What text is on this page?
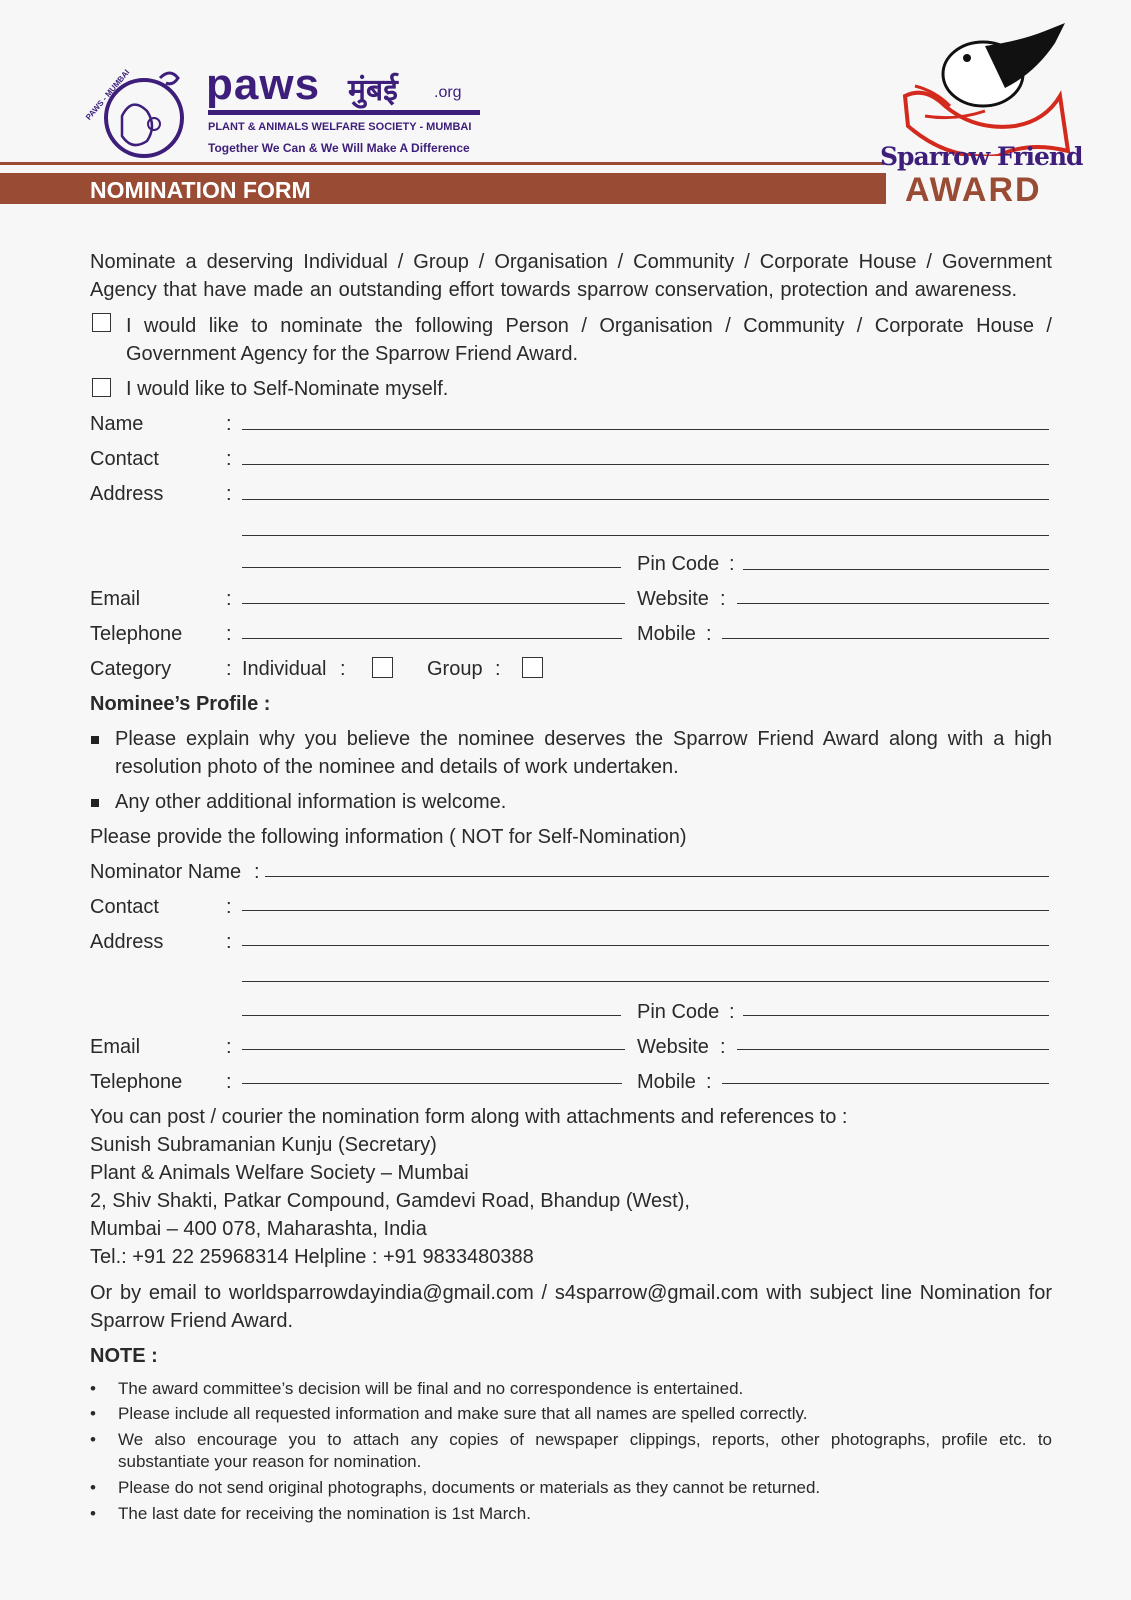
PAWS - MUMBAI paws मुंबई .org
PLANT & ANIMALS WELFARE SOCIETY - MUMBAI
Together We Can & We Will Make A Difference
NOMINATION FORM
Sparrow Friend
AWARD
Nominate a deserving Individual / Group / Organisation / Community / Corporate House / Government
Agency that have made an outstanding effort towards sparrow conservation, protection and awareness.
I would like to nominate the following Person / Organisation / Community / Corporate House /
Government Agency for the Sparrow Friend Award.
I would like to Self-Nominate myself.
Name	:
Contact	:
Address	:
Pin Code :
Email	:	Website :
Telephone :	Mobile :
Category	: Individual :	Group :
Nominee’s Profile :
Please explain why you believe the nominee deserves the Sparrow Friend Award along with a high
resolution photo of the nominee and details of work undertaken.
Any other additional information is welcome.
Please provide the following information ( NOT for Self-Nomination)
Nominator Name :
Contact	:
Address	:
Pin Code :
Email	:	Website :
Telephone :	Mobile :
You can post / courier the nomination form along with attachments and references to :
Sunish Subramanian Kunju (Secretary)
Plant & Animals Welfare Society – Mumbai
2, Shiv Shakti, Patkar Compound, Gamdevi Road, Bhandup (West),
Mumbai – 400 078, Maharashta, India
Tel.: +91 22 25968314 Helpline : +91 9833480388
Or by email to worldsparrowdayindia@gmail.com / s4sparrow@gmail.com with subject line Nomination for
Sparrow Friend Award.
NOTE :
• The award committee’s decision will be final and no correspondence is entertained.
• Please include all requested information and make sure that all names are spelled correctly.
• We also encourage you to attach any copies of newspaper clippings, reports, other photographs, profile etc. to
substantiate your reason for nomination.
• Please do not send original photographs, documents or materials as they cannot be returned.
• The last date for receiving the nomination is 1st March.
